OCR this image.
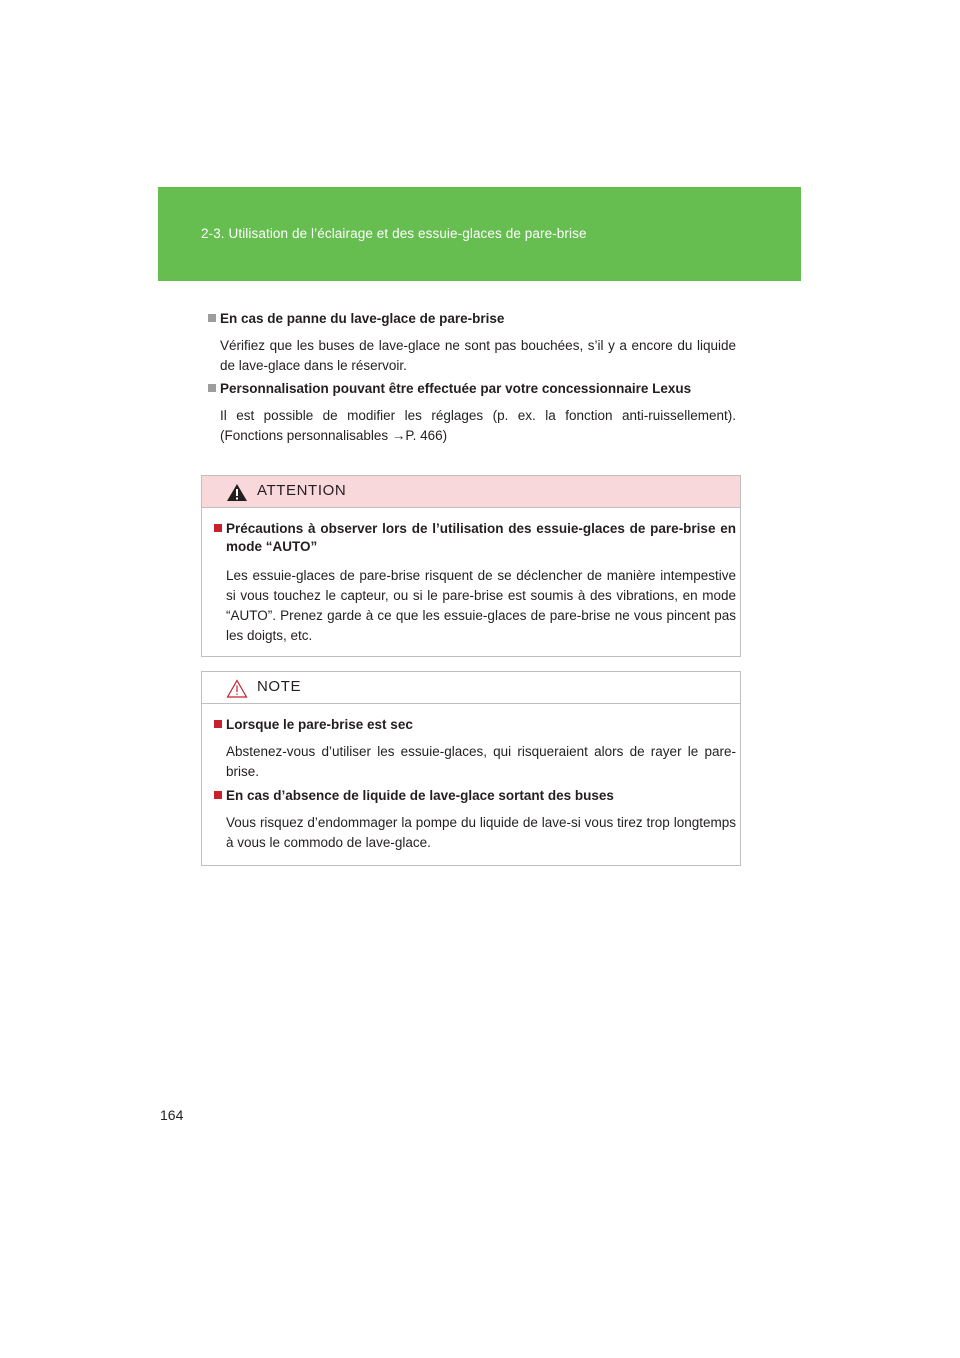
2-3. Utilisation de l’éclairage et des essuie-glaces de pare-brise
En cas de panne du lave-glace de pare-brise
Vérifiez que les buses de lave-glace ne sont pas bouchées, s’il y a encore du liquide de lave-glace dans le réservoir.
Personnalisation pouvant être effectuée par votre concessionnaire Lexus
Il est possible de modifier les réglages (p. ex. la fonction anti-ruissellement). (Fonctions personnalisables →P. 466)
ATTENTION
Précautions à observer lors de l’utilisation des essuie-glaces de pare-brise en mode “AUTO”
Les essuie-glaces de pare-brise risquent de se déclencher de manière intempestive si vous touchez le capteur, ou si le pare-brise est soumis à des vibrations, en mode “AUTO”. Prenez garde à ce que les essuie-glaces de pare-brise ne vous pincent pas les doigts, etc.
NOTE
Lorsque le pare-brise est sec
Abstenez-vous d’utiliser les essuie-glaces, qui risqueraient alors de rayer le pare-brise.
En cas d’absence de liquide de lave-glace sortant des buses
Vous risquez d’endommager la pompe du liquide de lave-si vous tirez trop longtemps à vous le commodo de lave-glace.
164
